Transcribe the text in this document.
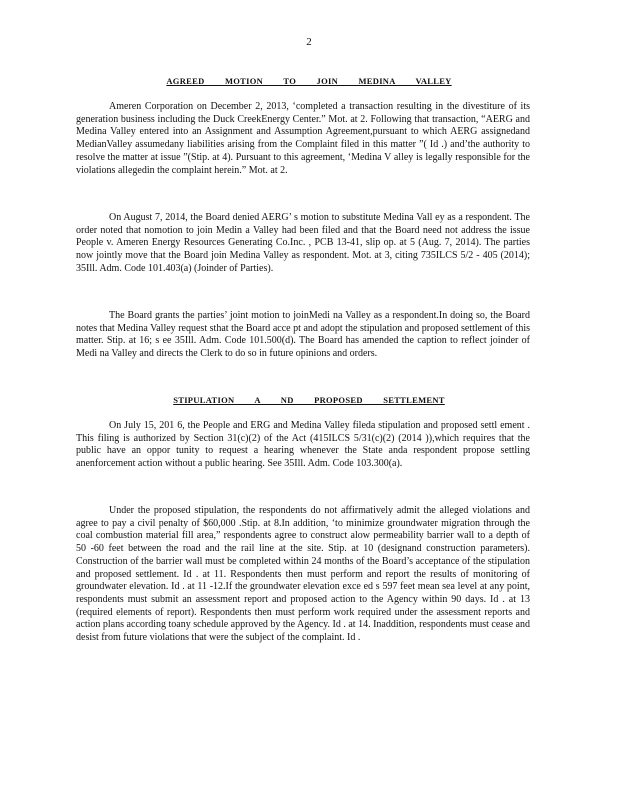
2
AGREED MOTION TO JOIN MEDINA VALLEY

Ameren Corporation on December 2, 2013, ‘completed a transaction resulting in the divestiture of its generation business including the Duck CreekEnergy Center.” Mot. at 2. Following that transaction, “AERG and Medina Valley entered into an Assignment and Assumption Agreement,pursuant to which AERG assignedand MedianValley assumedany liabilities arising from the Complaint filed in this matter ”( Id .) and’the authority to resolve the matter at issue ”(Stip. at 4). Pursuant to this agreement, ‘Medina V alley is legally responsible for the violations allegedin the complaint herein.” Mot. at 2.

On August 7, 2014, the Board denied AERG’ s motion to substitute Medina Vall ey as a respondent. The order noted that nomotion to join Medin a Valley had been filed and that the Board need not address the issue People v. Ameren Energy Resources Generating Co.Inc. , PCB 13-41, slip op. at 5 (Aug. 7, 2014). The parties now jointly move that the Board join Medina Valley as respondent. Mot. at 3, citing 735ILCS 5/2 - 405 (2014); 35Ill. Adm. Code 101.403(a) (Joinder of Parties).

The Board grants the parties’ joint motion to joinMedi na Valley as a respondent.In doing so, the Board notes that Medina Valley request sthat the Board acce pt and adopt the stipulation and proposed settlement of this matter. Stip. at 16; s ee 35Ill. Adm. Code 101.500(d). The Board has amended the caption to reflect joinder of Medi na Valley and directs the Clerk to do so in future opinions and orders.

STIPULATION A ND PROPOSED SETTLEMENT

On July 15, 201 6, the People and ERG and Medina Valley fileda stipulation and proposed settl ement . This filing is authorized by Section 31(c)(2) of the Act (415ILCS 5/31(c)(2) (2014 )),which requires that the public have an oppor tunity to request a hearing whenever the State anda respondent propose settling anenforcement action without a public hearing. See 35Ill. Adm. Code 103.300(a).

Under the proposed stipulation, the respondents do not affirmatively admit the alleged violations and agree to pay a civil penalty of $60,000 .Stip. at 8.In addition, ‘to minimize groundwater migration through the coal combustion material fill area,” respondents agree to construct alow permeability barrier wall to a depth of 50 -60 feet between the road and the rail line at the site. Stip. at 10 (designand construction parameters). Construction of the barrier wall must be completed within 24 months of the Board’s acceptance of the stipulation and proposed settlement. Id . at 11. Respondents then must perform and report the results of monitoring of groundwater elevation. Id . at 11 -12.If the groundwater elevation exce ed s 597 feet mean sea level at any point, respondents must submit an assessment report and proposed action to the Agency within 90 days. Id . at 13 (required elements of report). Respondents then must perform work required under the assessment reports and action plans according toany schedule approved by the Agency. Id . at 14. Inaddition, respondents must cease and desist from future violations that were the subject of the complaint. Id .
